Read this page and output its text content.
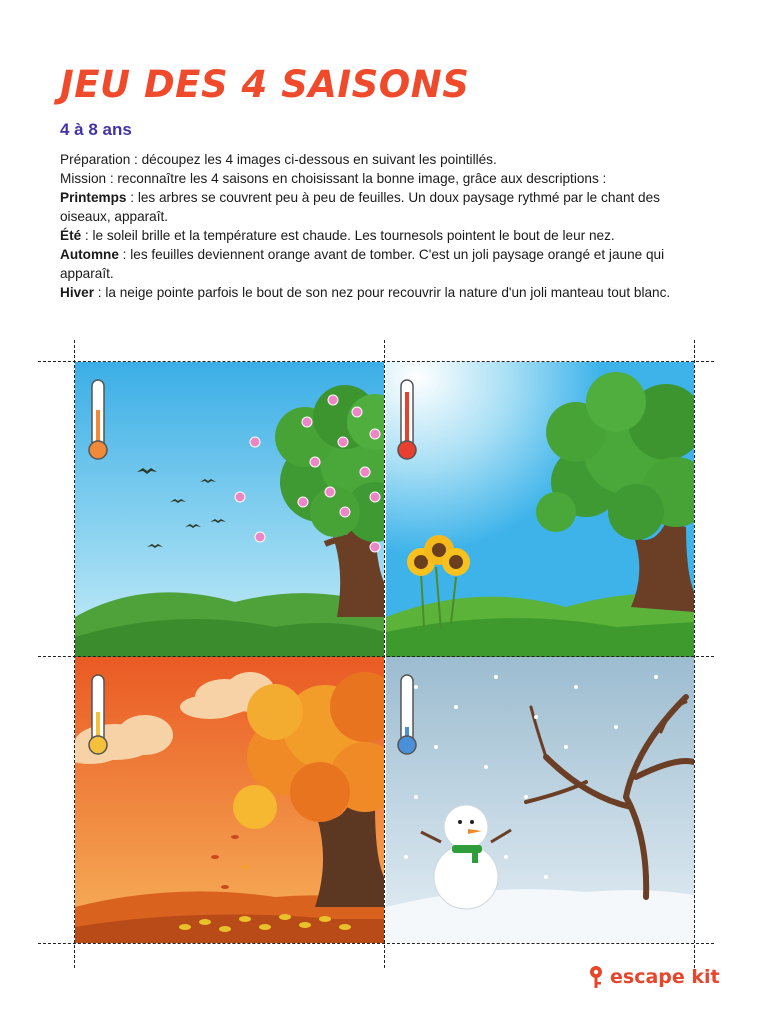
JEU DES 4 SAISONS
4 à 8 ans

Préparation : découpez les 4 images ci-dessous en suivant les pointillés.

Mission : reconnaître les 4 saisons en choisissant la bonne image, grâce aux descriptions :

Printemps : les arbres se couvrent peu à peu de feuilles. Un doux paysage rythmé par le chant des oiseaux, apparaît.

Été : le soleil brille et la température est chaude. Les tournesols pointent le bout de leur nez.

Automne : les feuilles deviennent orange avant de tomber. C'est un joli paysage orangé et jaune qui apparaît.

Hiver : la neige pointe parfois le bout de son nez pour recouvrir la nature d'un joli manteau tout blanc.

escape kit
